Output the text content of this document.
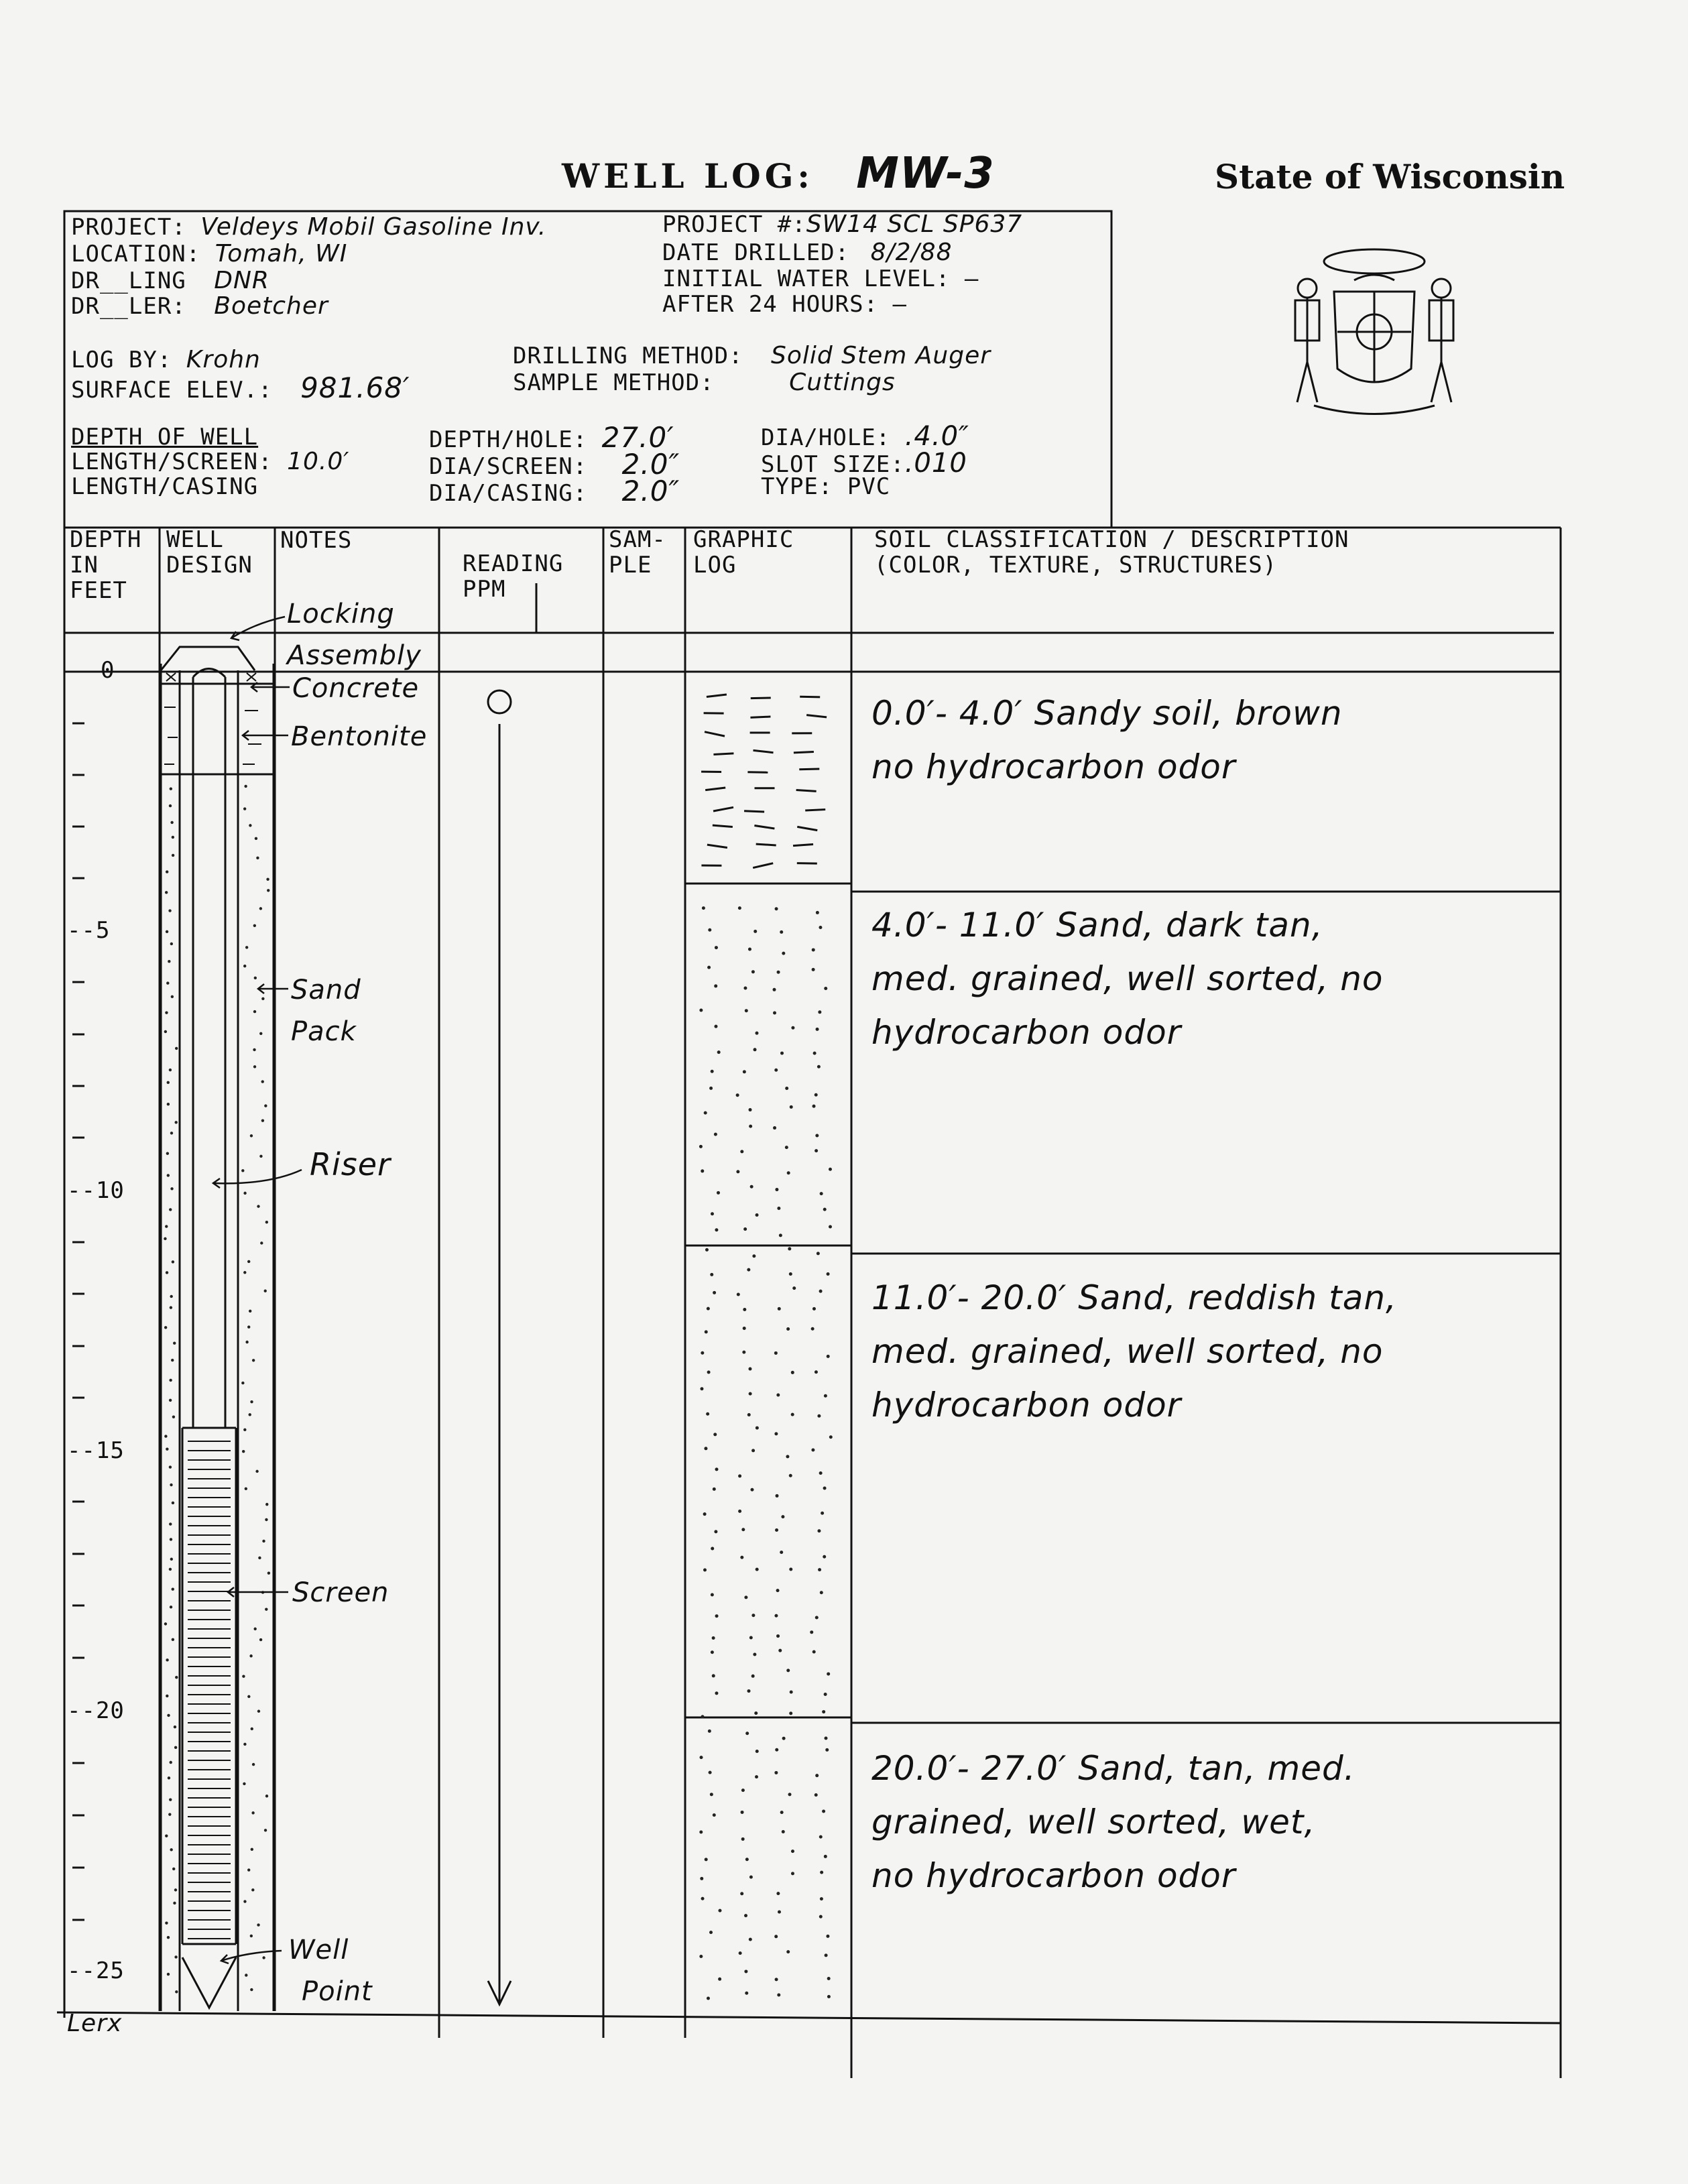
WELL LOG: MW-3	State of Wisconsin
PROJECT: Veldeys Mobil Gasoline Inv.
LOCATION: Tomah, WI
DR__LING DNR
DR__LER: Boetcher
PROJECT #:SW14 SCL SP637
DATE DRILLED: 8/2/88
INITIAL WATER LEVEL: –
AFTER 24 HOURS: –
LOG BY: Krohn
SURFACE ELEV.: 981.68′
DRILLING METHOD: Solid Stem Auger
SAMPLE METHOD:	Cuttings
DEPTH OF WELL
LENGTH/SCREEN: 10.0′
LENGTH/CASING
DEPTH/HOLE: 27.0′
DIA/SCREEN: 2.0″
DIA/CASING: 2.0″
DIA/HOLE: .4.0″
SLOT SIZE:.010
TYPE: PVC
DEPTH
IN
FEET
WELL
DESIGN
NOTES
READING
PPM
SAM-
PLE
GRAPHIC
LOG
SOIL CLASSIFICATION / DESCRIPTION
(COLOR, TEXTURE, STRUCTURES)
0
--5
--10
--15
--20
--25
Locking
Assembly
Concrete
Bentonite
Sand
Pack
Riser
Screen
Well
Point
0.0′- 4.0′ Sandy soil, brown
no hydrocarbon odor
4.0′- 11.0′ Sand, dark tan,
med. grained, well sorted, no
hydrocarbon odor
11.0′- 20.0′ Sand, reddish tan,
med. grained, well sorted, no
hydrocarbon odor
20.0′- 27.0′ Sand, tan, med.
grained, well sorted, wet,
no hydrocarbon odor
Lerx
